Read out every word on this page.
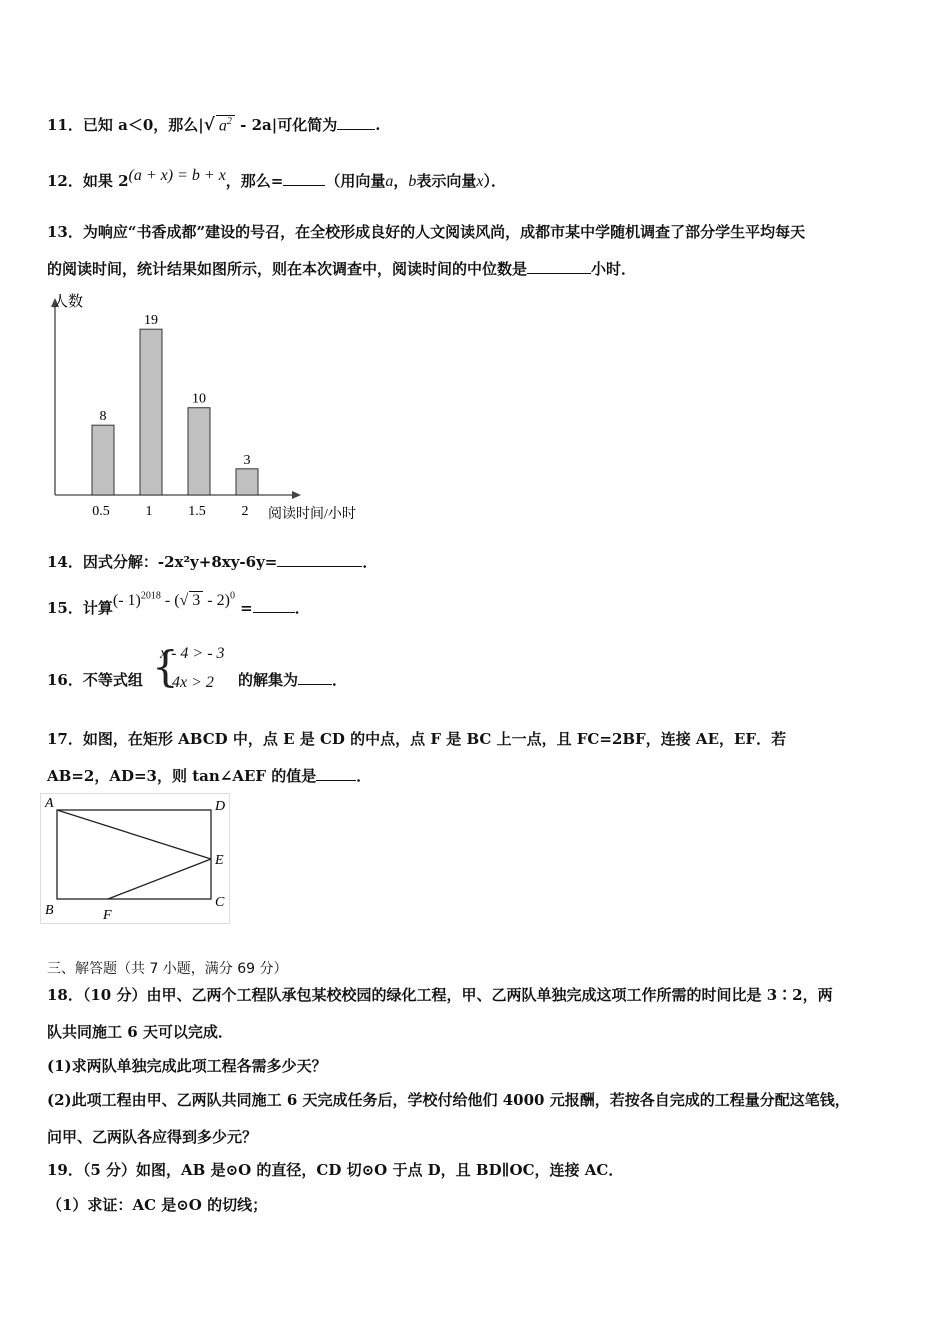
11．已知 a＜0，那么|√ $a^2 - 2a|$可化简为	.
12．如果 2(a + x) = b + x，那么=	（用向量a，b表示向量x）．
13．为响应“书香成都”建设的号召，在全校形成良好的人文阅读风尚，成都市某中学随机调查了部分学生平均每天
的阅读时间，统计结果如图所示，则在本次调查中，阅读时间的中位数是	小时．
人数
阅读时间/小时
8
0.5
19
1
10
1.5
3
2
14．因式分解：-2x²y+8xy-6y=	．
15．计算(- 1)$^{2018}$ - (√ 3 - 2)$^0$ =	．
16．不等式组 {
x - 4 > - 3
4x > 2 的解集为 ．
17．如图，在矩形 ABCD 中，点 E 是 CD 的中点，点 F 是 BC 上一点，且 FC=2BF，连接 AE，EF．若
AB=2，AD=3，则 tan∠AEF 的值是	．
A	D
E
B
C
F
三、解答题（共 7 小题，满分 69 分）
18．（10 分）由甲、乙两个工程队承包某校校园的绿化工程，甲、乙两队单独完成这项工作所需的时间比是 3∶2，两
队共同施工 6 天可以完成．
(1)求两队单独完成此项工程各需多少天？
(2)此项工程由甲、乙两队共同施工 6 天完成任务后，学校付给他们 4000 元报酬，若按各自完成的工程量分配这笔钱，
问甲、乙两队各应得到多少元？
19．（5 分）如图，AB 是⊙O 的直径，CD 切⊙O 于点 D，且 BD∥OC，连接 AC．
（1）求证：AC 是⊙O 的切线；
